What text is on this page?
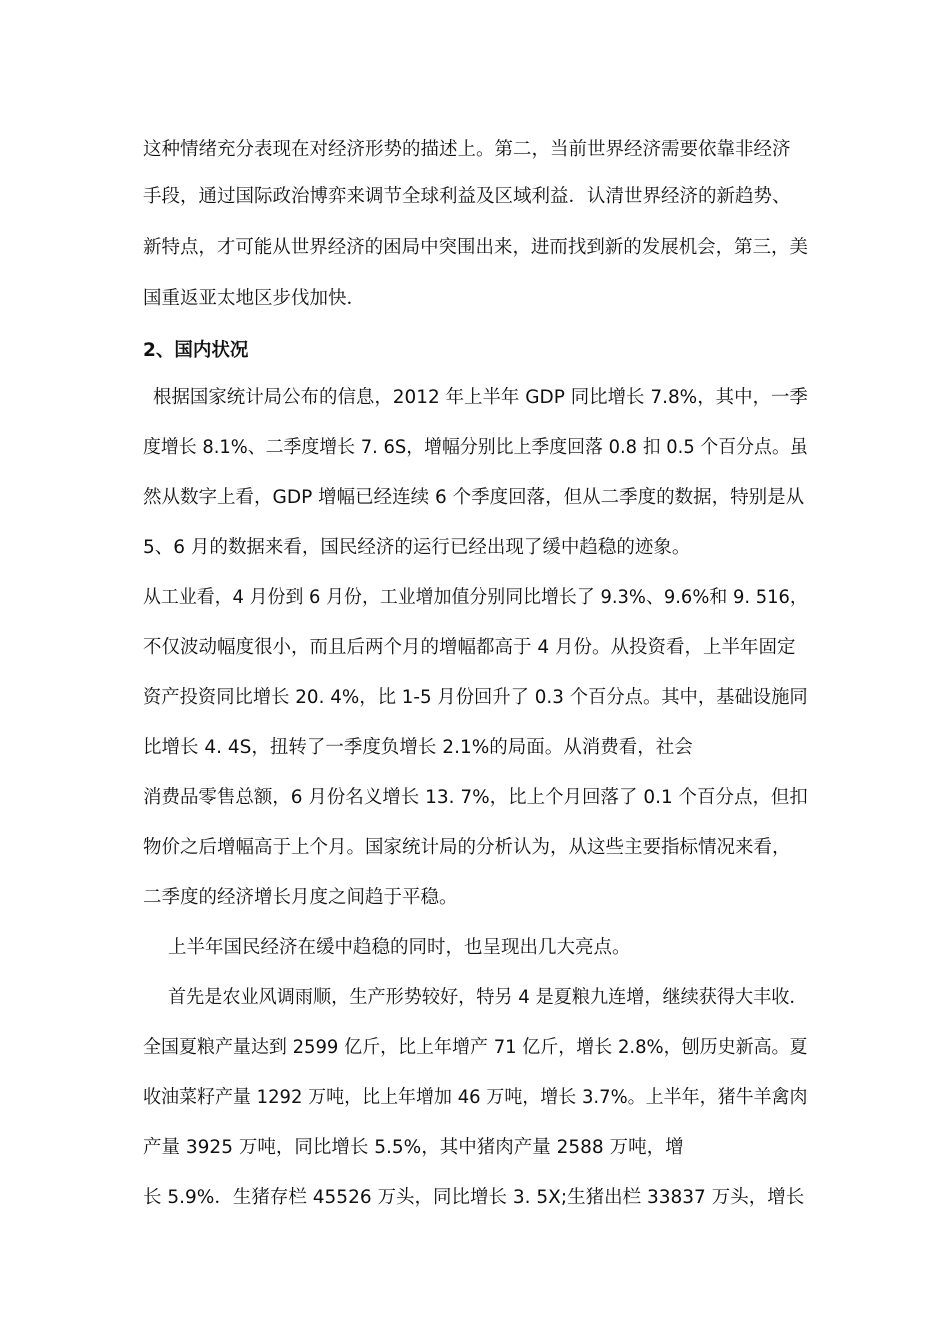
这种情绪充分表现在对经济形势的描述上。第二，当前世界经济需要依靠非经济
手段，通过国际政治博弈来调节全球利益及区域利益．认清世界经济的新趋势、
新特点，才可能从世界经济的困局中突围出来，进而找到新的发展机会，第三，美
国重返亚太地区步伐加快．
2、国内状况
根据国家统计局公布的信息，2012 年上半年 GDP 同比增长 7.8%，其中，一季
度增长 8.1%、二季度增长 7. 6S，增幅分别比上季度回落 0.8 扣 0.5 个百分点。虽
然从数字上看，GDP 增幅已经连续 6 个季度回落，但从二季度的数据，特别是从
5、6 月的数据来看，国民经济的运行已经出现了缓中趋稳的迹象。
从工业看，4 月份到 6 月份，工业增加值分别同比增长了 9.3%、9.6%和 9. 516，
不仅波动幅度很小，而且后两个月的增幅都高于 4 月份。从投资看，上半年固定
资产投资同比增长 20. 4%，比 1-5 月份回升了 0.3 个百分点。其中，基础设施同
比增长 4. 4S，扭转了一季度负增长 2.1%的局面。从消费看，社会
消费品零售总额，6 月份名义增长 13. 7%，比上个月回落了 0.1 个百分点，但扣
物价之后增幅高于上个月。国家统计局的分析认为，从这些主要指标情况来看，
二季度的经济增长月度之间趋于平稳。
上半年国民经济在缓中趋稳的同时，也呈现出几大亮点。
首先是农业风调雨顺，生产形势较好，特另 4 是夏粮九连增，继续获得大丰收．
全国夏粮产量达到 2599 亿斤，比上年增产 71 亿斤，增长 2.8%，刨历史新高。夏
收油菜籽产量 1292 万吨，比上年增加 46 万吨，增长 3.7%。上半年，猪牛羊禽肉
产量 3925 万吨，同比增长 5.5%，其中猪肉产量 2588 万吨，增
长 5.9%．生猪存栏 45526 万头，同比增长 3. 5X;生猪出栏 33837 万头，增长
